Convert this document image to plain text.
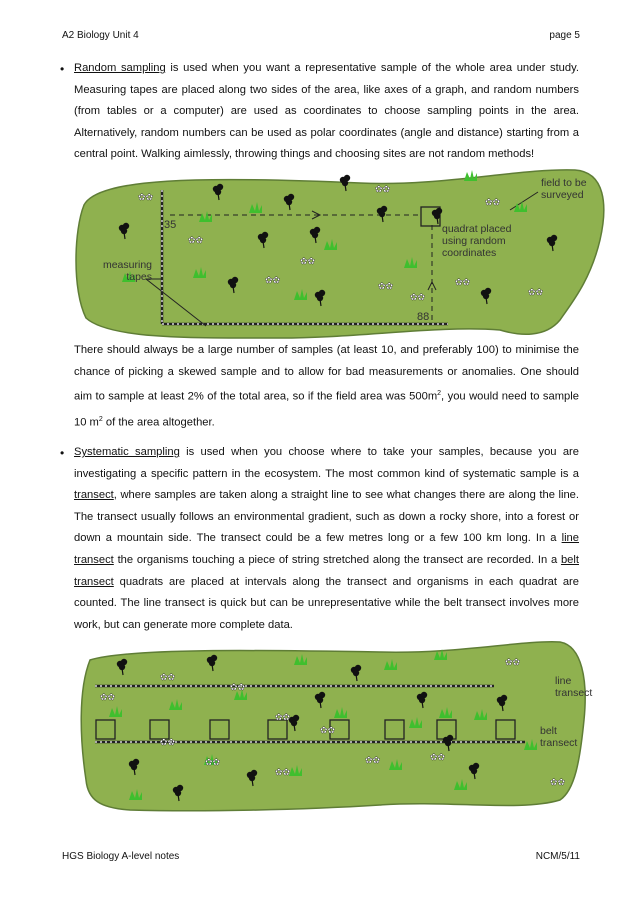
A2 Biology Unit 4	page 5
• Random sampling is used when you want a representative sample of the whole area under study. Measuring tapes are placed along two sides of the area, like axes of a graph, and random numbers (from tables or a computer) are used as coordinates to choose sampling points in the area. Alternatively, random numbers can be used as polar coordinates (angle and distance) starting from a central point. Walking aimlessly, throwing things and choosing sites are not random methods!
35
88
✿✿
✿✿
✿✿
✿✿
✿✿
✿✿	✿✿
✿✿
✿✿
✿✿
field to be surveyed
measuring tapes
quadrat placed using random coordinates
There should always be a large number of samples (at least 10, and preferably 100) to minimise the chance of picking a skewed sample and to allow for bad measurements or anomalies. One should aim to sample at least 2% of the total area, so if the field area was $500m^2$, you would need to sample 10 $m^2$ of the area altogether.
• Systematic sampling is used when you choose where to take your samples, because you are investigating a specific pattern in the ecosystem. The most common kind of systematic sample is a transect, where samples are taken along a straight line to see what changes there are along the line. The transect usually follows an environmental gradient, such as down a rocky shore, into a forest or down a mountain side. The transect could be a few metres long or a few 100 km long. In a line transect the organisms touching a piece of string stretched along the transect are recorded. In a belt transect quadrats are placed at intervals along the transect and organisms in each quadrat are counted. The line transect is quick but can be unrepresentative while the belt transect involves more work, but can generate more complete data.
✿✿
✿✿
✿✿
✿✿
✿✿
✿✿	✿✿
✿✿
✿✿
✿✿
✿✿
✿✿
line transect
belt transect
HGS Biology A-level notes	NCM/5/11
